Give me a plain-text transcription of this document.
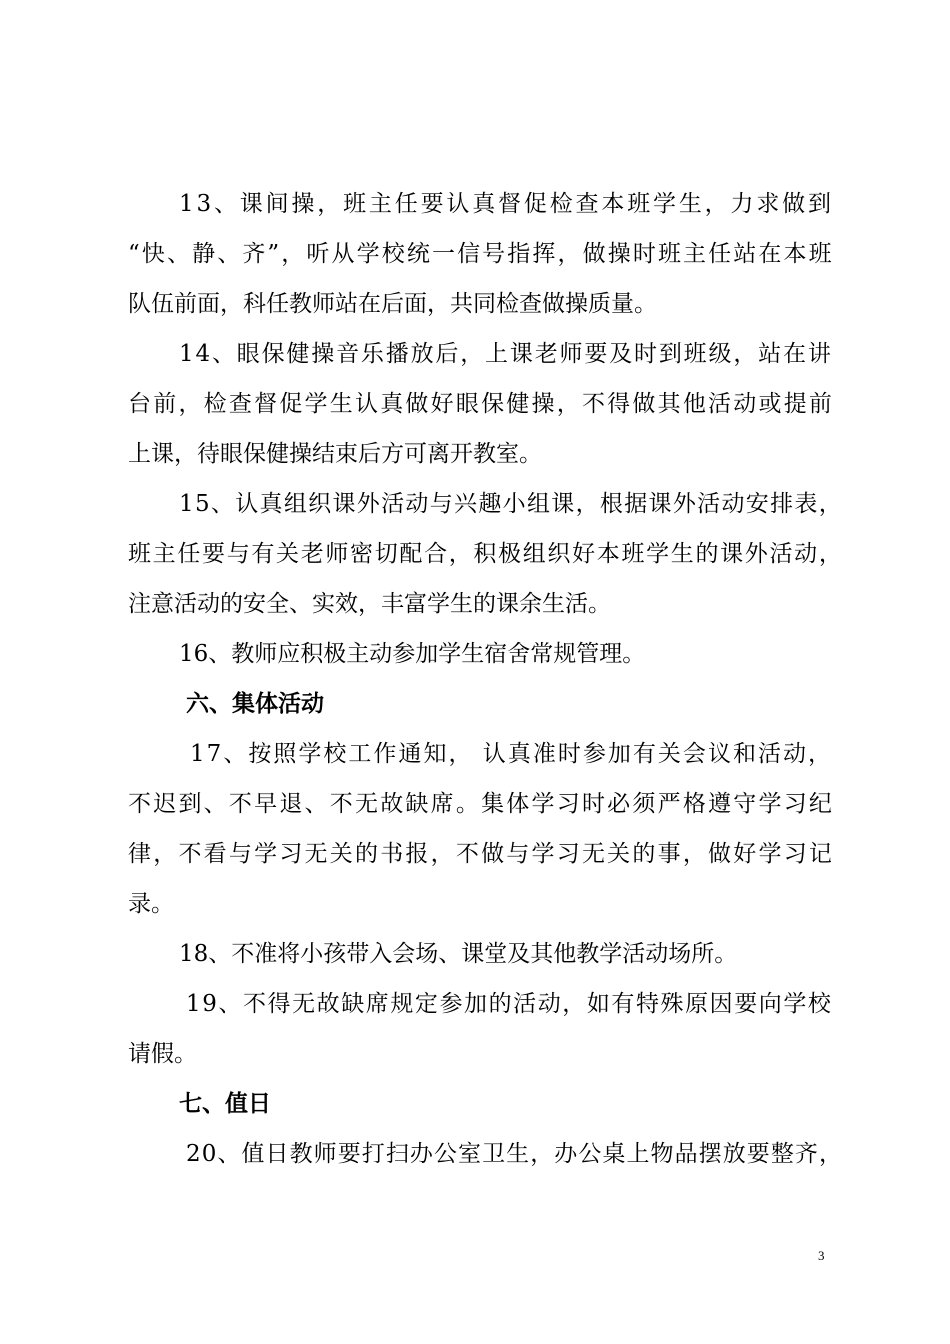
1 3 、 课 间 操 ， 班 主 任 要 认 真 督 促 检 查 本 班 学 生 ， 力 求 做 到
“ 快 、 静 、 齐 ” ， 听 从 学 校 统 一 信 号 指 挥 ， 做 操 时 班 主 任 站 在 本 班
队伍前面，科任教师站在后面，共同检查做操质量。
1 4 、 眼 保 健 操 音 乐 播 放 后 ， 上 课 老 师 要 及 时 到 班 级 ， 站 在 讲
台 前 ， 检 查 督 促 学 生 认 真 做 好 眼 保 健 操 ， 不 得 做 其 他 活 动 或 提 前
上课，待眼保健操结束后方可离开教室。
1 5 、 认 真 组 织 课 外 活 动 与 兴 趣 小 组 课 ， 根 据 课 外 活 动 安 排 表 ，
班 主 任 要 与 有 关 老 师 密 切 配 合 ， 积 极 组 织 好 本 班 学 生 的 课 外 活 动 ，
注意活动的安全、实效，丰富学生的课余生活。
16、教师应积极主动参加学生宿舍常规管理。
六、集体活动
1 7 、 按 照 学 校 工 作 通 知 ，
认 真 准 时 参 加 有 关 会 议 和 活 动 ，
不 迟 到 、 不 早 退 、 不 无 故 缺 席 。 集 体 学 习 时 必 须 严 格 遵 守 学 习 纪
律 ， 不 看 与 学 习 无 关 的 书 报 ， 不 做 与 学 习 无 关 的 事 ， 做 好 学 习 记
录。
18、不准将小孩带入会场、课堂及其他教学活动场所。
1 9 、 不 得 无 故 缺 席 规 定 参 加 的 活 动 ， 如 有 特 殊 原 因 要 向 学 校
请假。
七、值日
2 0 、 值 日 教 师 要 打 扫 办 公 室 卫 生 ， 办 公 桌 上 物 品 摆 放 要 整 齐 ，
3
